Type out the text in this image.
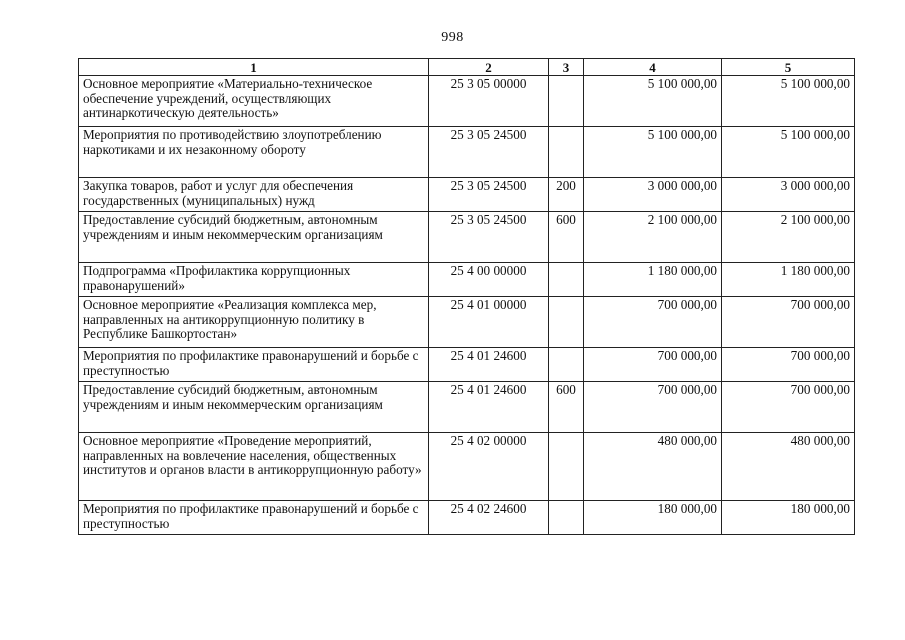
998
1	2	3	4	5
Основное мероприятие «Материально-техническое обеспечение учреждений, осуществляющих антинаркотическую деятельность»	25 3 05 00000		5 100 000,00	5 100 000,00
Мероприятия по противодействию злоупотреблению наркотиками и их незаконному обороту	25 3 05 24500		5 100 000,00	5 100 000,00
Закупка товаров, работ и услуг для обеспечения государственных (муниципальных) нужд	25 3 05 24500	200	3 000 000,00	3 000 000,00
Предоставление субсидий бюджетным, автономным учреждениям и иным некоммерческим организациям	25 3 05 24500	600	2 100 000,00	2 100 000,00
Подпрограмма «Профилактика коррупционных правонарушений»	25 4 00 00000		1 180 000,00	1 180 000,00
Основное мероприятие «Реализация комплекса мер, направленных на антикоррупционную политику в Республике Башкортостан»	25 4 01 00000		700 000,00	700 000,00
Мероприятия по профилактике правонарушений и борьбе с преступностью	25 4 01 24600		700 000,00	700 000,00
Предоставление субсидий бюджетным, автономным учреждениям и иным некоммерческим организациям	25 4 01 24600	600	700 000,00	700 000,00
Основное мероприятие «Проведение мероприятий, направленных на вовлечение населения, общественных институтов и органов власти в антикоррупционную работу»	25 4 02 00000		480 000,00	480 000,00
Мероприятия по профилактике правонарушений и борьбе с преступностью	25 4 02 24600		180 000,00	180 000,00
